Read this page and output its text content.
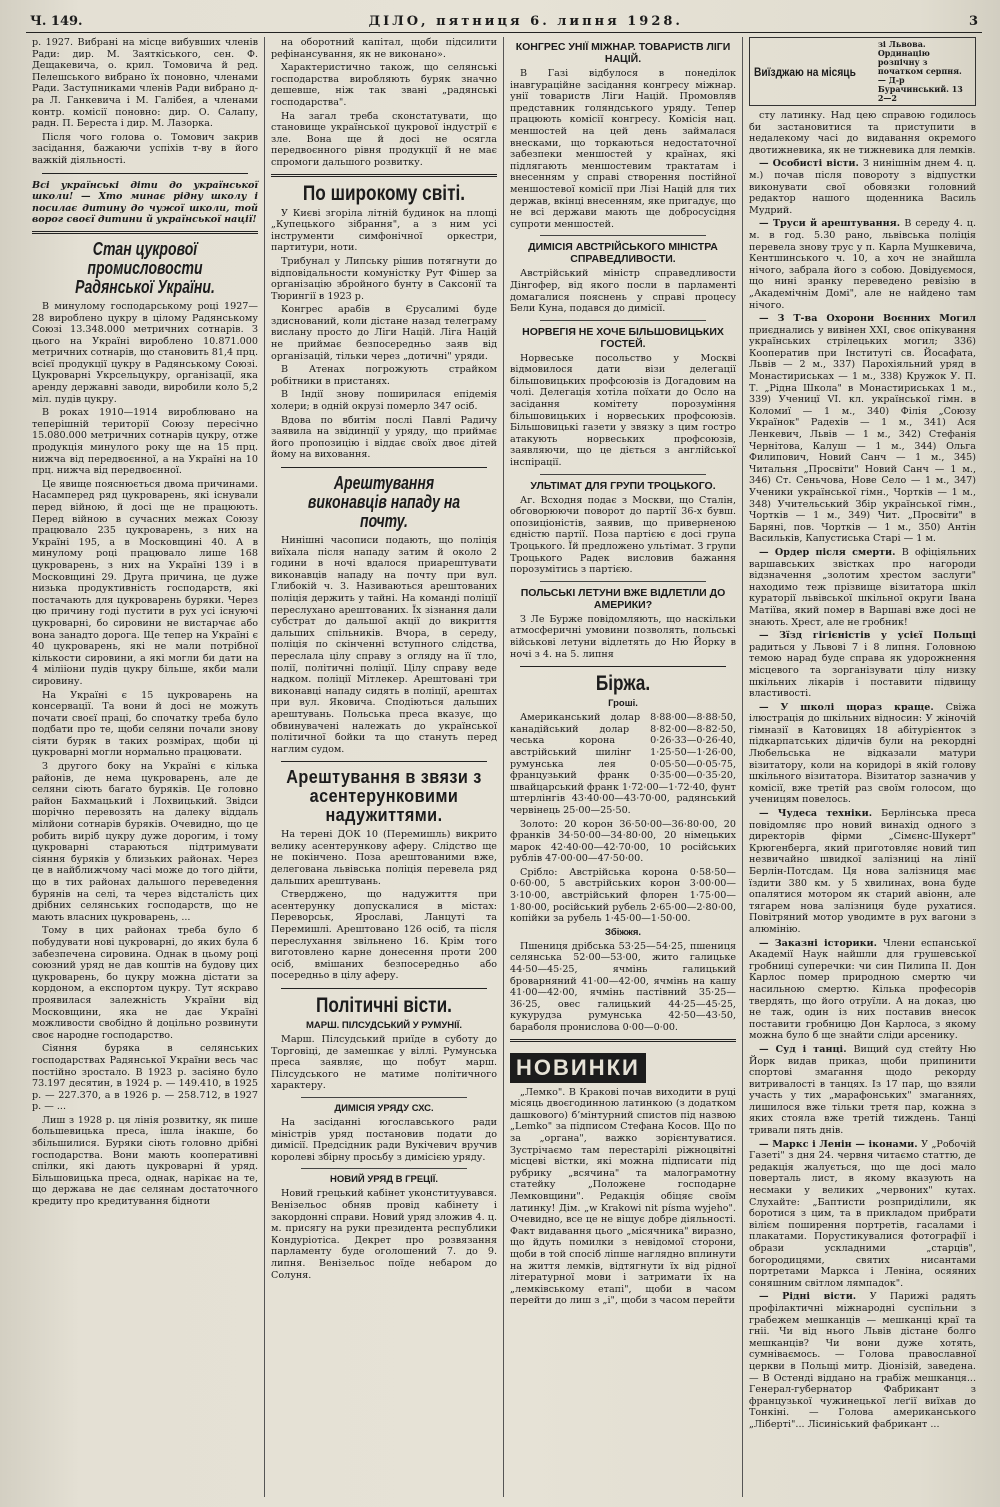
Ч. 149.	ДІЛО, пятниця 6. липня 1928.	3

р. 1927. Вибрані на місце вибувших членів Ради: дир. М. Заяткіського, сен. Ф. Дещакевича, о. крил. Томовича й ред. Пелешського вибрано їх поновно, членами Ради. Заступниками членів Ради вибрано д-ра Л. Ганкевича і М. Галібея, а членами контр. комісії поновно: дир. О. Салапу, радн. П. Береста і дир. М. Лазорка.

Після чого голова о. Томович закрив засідання, бажаючи успіхів т-ву в його важкій діяльності.

Всі українські діти до української школи! — Хто минає рідну школу і посилає дитину до чужої школи, той ворог своєї дитини й української нації!
Стан цукрової промисловости Радянської України.

В минулому господарському році 1927—28 вироблено цукру в цілому Радянському Союзі 13.348.000 метричних сотнарів. З цього на Україні вироблено 10.871.000 метричних сотнарів, що становить 81,4 прц. всієї продукції цукру в Радянському Союзі. Цукроварні Укрсельцукру, організації, яка аренду державні заводи, виробили коло 5,2 міл. пудів цукру.

В роках 1910—1914 вироблювано на теперішній території Союзу пересічно 15.080.000 метричних сотнарів цукру, отже продукція минулого року ще на 15 прц. нижча від передвоєнної, а на Україні на 10 прц. нижча від передвоєнної.

Це явище пояснюється двома причинами. Насамперед ряд цукроварень, які існували перед війною, й досі ще не працюють. Перед війною в сучасних межах Союзу працювало 235 цукроварень, з них на Україні 195, а в Московщині 40. А в минулому році працювало лише 168 цукроварень, з них на Україні 139 і в Московщині 29. Друга причина, це дуже низька продуктивність господарств, які постачають для цукроварень буряки. Через цю причину годі пустити в рух усі існуючі цукроварні, бо сировини не вистарчає або вона занадто дорога. Ще тепер на Україні є 40 цукроварень, які не мали потрібної кількости сировини, а які могли би дати на 4 мілііони пудів цукру більше, якби мали сировину.

На Україні є 15 цукроварень на консервації. Та вони й досі не можуть почати своєї праці, бо спочатку треба було подбати про те, щоби селяни почали знову сіяти буряк в таких розмірах, щоби ці цукроварні могли нормально працювати.

З другого боку на Україні є кілька районів, де нема цукроварень, але де селяни сіють багато буряків. Це головно район Бахмацький і Лохвицький. Звідси шорічно перевозять на далеку віддаль мілйони сотнарів буряків. Очевидно, що це робить виріб цукру дуже дорогим, і тому цукроварні стараються підтримувати сіяння буряків у близьких районах. Через це в найближчому часі може до того дійти, що в тих районах дальшого переведення бурянів на селі, та через відсталість цих дрібних селянських господарств, що не мають власних цукроварень, ...

Тому в цих районах треба було б побудувати нові цукроварні, до яких була б забезпечена сировина. Однак в цьому році союзний уряд не дав коштів на будову цих цукроварень, бо цукру можна дістати за кордоном, а експортом цукру. Тут яскраво проявилася залежність України від Московщини, яка не дає Україні можливости свобідно й доцільно розвинути своє народне господарство.

Сіяння буряка в селянських господарствах Радянської України весь час постійно зростало. В 1923 р. засіяно було 73.197 десятин, в 1924 р. — 149.410, в 1925 р. — 227.370, а в 1926 р. — 258.712, в 1927 р. — ...

Лиш з 1928 р. ця лінія розвитку, як пише большевицька преса, ішла інакше, бо збільшилися. Буряки сіють головно дрібні господарства. Вони мають кооперативні спілки, які дають цукроварні й уряд. Більшовицька преса, однак, нарікає на те, що держава не дає селянам достаточного кредиту про кредитування бідноти

на оборотний капітал, щоби підсилити рефінансування, як не виконано».

Характеристично також, що селянські господарства виробляють буряк значно дешевше, ніж так звані „радянські господарства".

На загал треба сконстатувати, що становище української цукрової індустрії є зле. Вона ще й досі не осягла передвоєнного рівня продукції й не має спромоги дальшого розвитку.

По широкому світі.

У Києві згоріла літній будинок на площі „Купецького зібрання", а з ним усі інструменти симфонічної оркестри, партитури, ноти.

Трибунал у Липську рішив потягнути до відповідальности комуністку Рут Фішер за організацію збройного бунту в Саксонії та Тюрингії в 1923 р.

Конгрес арабів в Єрусалимі буде здиснований, коли дістане назад телеграму вислану просто до Ліги Націй. Ліга Націй не приймає безпосередньо заяв від організацій, тільки через „дотичні" уряди.

В Атенах погрожують страйком робітники в пристанях.

В Індії знову поширилася епідемія холери; в одній окрузі померло 347 осіб.

Вдова по вбитім послі Павлі Радичу заявила на звідинції у уряду, що приймає його пропозицію і віддає своїх двоє дітей йому на виховання.

Арештування виконавців нападу на почту.

Нинішні часописи подають, що поліція виїхала після нападу затим й около 2 години в ночі вдалося приарештувати виконавців нападу на почту при вул. Глибокій ч. 3. Називаються арештованих поліція держить у тайні. На команді поліції переслухано арештованих. Їх зізнання дали субстрат до дальшої акції до викриття дальших спільників. Вчора, в середу, поліція по скінченні вступного слідства, переслала цілу справу з огляду на її тло, полії, політичні поліції. Цілу справу веде надком. поліції Мітлекер. Арештовані три виконавці нападу сидять в поліції, арештах при вул. Яковича. Сподіються дальших арештувань. Польська преса вказує, що обвинувачені належать до української політичної бойки та що стануть перед наглим судом.

Арештування в звязи з асентерунковими надужиттями.

На терені ДОК 10 (Перемишль) викрито велику асентерункову аферу. Слідство ще не покінчено. Поза арештованими вже, делегована львівська поліція перевела ряд дальших арештувань.

Стверджено, що надужиття при асентерунку допускалися в містах: Переворськ, Ярославі, Ланцуті та Перемишлі. Арештовано 126 осіб, та після переслухання звільнено 16. Крім того виготовлено карне донесення проти 200 осіб, вмішаних безпосередньо або посередньо в цілу аферу.

Політичні вісти.
МАРШ. ПІЛСУДСЬКИЙ У РУМУНІЇ.

Марш. Пілсудський приїде в суботу до Торговіці, де замешкає у віллі. Румунська преса заявляє, що побут марш. Пілсудського не матиме політичного характеру.

ДИМІСІЯ УРЯДУ СХС.

На засіданні югославського ради міністрів уряд постановив подати до димісії. Предсідник ради Вукічевич вручив королеві збірну просьбу з димісією уряду.

НОВИЙ УРЯД В ГРЕЦІЇ.

Новий грецький кабінет уконституувався. Венізельос обняв провід кабінету і закордонні справи. Новий уряд зложив 4. ц. м. присягу на руки президента республики Кондуріотіса. Декрет про розвязання парламенту буде оголошений 7. до 9. липня. Венізельос поїде небаром до Солуня.

КОНГРЕС УНІЇ МІЖНАР. ТОВАРИСТВ ЛІГИ НАЦІЙ.

В Газі відбулося в понеділок інавгураційне засідання конгресу міжнар. унії товариств Ліги Націй. Промовляв представник голяндського уряду. Тепер працюють комісії конгресу. Комісія нац. меншостей на цей день займалася внесками, що торкаються недостаточної забезпеки меншостей у країнах, які підлягають меншостевим трактатам і внесенням у справі створення постійної меншостевої комісії при Лізі Націй для тих держав, вкінці внесенням, яке пригадує, що не всі держави мають ще добросусідня супроти меншостей.

ДИМІСІЯ АВСТРІЙСЬКОГО МІНІСТРА СПРАВЕДЛИВОСТИ.

Австрійський міністр справедливости Дінгофер, від якого посли в парламенті домагалися пояснень у справі процесу Бели Куна, подався до димісії.

НОРВЕГІЯ НЕ ХОЧЕ БІЛЬШОВИЦЬКИХ ГОСТЕЙ.

Норвеське посольство у Москві відмовилося дати візи делегації більшовицьких профсоюзів із Догадовим на чолі. Делегація хотіла поїхати до Осло на засідання комітету порозуміння більшовицьких і норвеських профсоюзів. Більшовицькі газети у звязку з цим гостро атакують норвеських профсоюзів, заявляючи, що це діється з англійської інспірації.

УЛЬТІМАТ ДЛЯ ГРУПИ ТРОЦЬКОГО.

Аг. Всходня подає з Москви, що Сталін, обговорюючи поворот до партії 36-х бувш. опозиціоністів, заявив, що приверненою єдністю партії. Поза партією є досі група Троцького. Їй предложено ультімат. З групи Троцького Радек висловив бажання порозумітись з партією.

ПОЛЬСЬКІ ЛЕТУНИ ВЖЕ ВІДЛЕТІЛИ ДО АМЕРИКИ?

З Ле Бурже повідомляють, що наскільки атмосферичні умовини позволять, польські військові летуни відлетять до Ню Йорку в ночі з 4. на 5. липня

Біржа.
Гроші.

Американський долар 8·88·00—8·88·50, канадійський долар 8·82·00—8·82·50, чеська корона 0·26·33—0·26·40, австрійський шилінг 1·25·50—1·26·00, румунська лея 0·05·50—0·05·75, французький франк 0·35·00—0·35·20, швайцарський франк 1·72·00—1·72·40, фунт штерлінгів 43·40·00—43·70·00, радянський червінець 25·00—25·50.

Золото: 20 корон 36·50·00—36·80·00, 20 франків 34·50·00—34·80·00, 20 німецьких марок 42·40·00—42·70·00, 10 російських рублів 47·00·00—47·50·00.

Срібло: Австрійська корона 0·58·50—0·60·00, 5 австрійських корон 3·00·00—3·10·00, австрійський флорен 1·75·00—1·80·00, російський рубель 2·65·00—2·80·00, копійки за рубель 1·45·00—1·50·00.

Збіжжя.

Пшениця дрібська 53·25—54·25, пшениця селянська 52·00—53·00, жито галицьке 44·50—45·25, ячмінь галицький броварняний 41·00—42·00, ячмінь на кашу 41·00—42·00, ячмінь пастівний 35·25—36·25, овес галицький 44·25—45·25, кукурудза румунська 42·50—43·50, бараболя пронислова 0·00—0·00.

НОВИНКИ

„Лемко". В Кракові почав виходити в руці місяць двоєгодинною латинкою (з додатком дашкового) б’мінтурний спистов під назвою „Lemko" за підписом Стефана Косов. Що по за „органа", важко зорієнтуватися. Зустрічаємо там перестарілі ріжноцвітні місцеві вістки, які можна підписати під рубрику „всячина" та малограмотну статейку „Положене господарне Лемковщини". Редакція обіцяє своїм латинку! Дім. „w Krakowi nit písma wyjeho". Очевидно, все це не віщує добре діяльності. Факт видавання цього „місячника" виразно, що йдуть помилки з невідомої сторони, щоби в той спосіб ліпше наглядно вплинути на життя лемків, відтягнути їх від рідної літературної мови і затримати їх на „лемківському етапі", щоби в часом перейти до лиш з „і", щоби з часом перейти

Виїзджаю на місяць
зі Львова. Ординацію розпічну з початком серпня. — Д-р Бурачинський. 13 2—2

сту латинку. Над цею справою годилось би застановитися та приступити в недалекому часі до видавання окремого двотижневика, як не тижневика для лемків.

— Особисті вісти. З нинішнім днем 4. ц. м.) почав після повороту з відпустки виконувати свої обовязки головний редактор нашого щоденника Василь Мудрий.

— Труси й арештування. В середу 4. ц. м. в год. 5.30 рано, львівська поліція перевела знову трус у п. Карла Мушкевича, Кентшинського ч. 10, а хоч не знайшла нічого, забрала його з собою. Довідуємося, що нині зранку переведено ревізію в „Академічнім Домі", але не найдено там нічого.

— З Т-ва Охорони Воєнних Могил приєднались у вивінен XXI, своє опікування українських стрілецьких могил; 336) Кооператив при Інституті св. Йосафата, Львів — 2 м., 337) Парохіяльний уряд в Монастириськах — 1 м., 338) Кружок У. П. Т. „Рідна Школа" в Монастириськах 1 м., 339) Ученицї VI. кл. української гімн. в Коломиї — 1 м., 340) Філія „Союзу Українок" Радехів — 1 м., 341) Ася Ленкевич, Львів — 1 м., 342) Стефанія Чернітова, Калуш — 1 м., 344) Ольга Филипович, Новий Санч — 1 м., 345) Читальня „Просвіти" Новий Санч — 1 м., 346) Ст. Сеньчова, Нове Село — 1 м., 347) Ученики української гімн., Чортків — 1 м., 348) Учительський Збір української гімн., Чортків — 1 м., 349) Чит. „Просвіти" в Баряні, пов. Чортків — 1 м., 350) Антін Васильків, Капустиська Старі — 1 м.

— Ордер після смерти. В офіціяльних варшавських звістках про нагороди відзначення „золотим хрестом заслуги" находимо теж прізвище візитатора шкіл кураторії львівської шкільної округи Івана Матіїва, який помер в Варшаві вже досі не знають. Хрест, але не гробник!

— Зїзд гігієністів у усієї Польщі радиться у Львові 7 і 8 липня. Головною темою нарад буде справа як удорожнення місцевого та зорганізувати цілу низку шкільних лікарів і поставити підвищу властивості.

— У школі щораз краще. Свіжа ілюстрація до шкільних відносин: У жіночій гімназії в Катовицях 18 абітурієнток з підкарпатських дідичів були на рекордні Любельська не відказали матури візитатору, коли на коридорі в якій голову шкільного візитатора. Візитатор зазначив у комісії, вже третій раз своїм голосом, що ученицям повелось.

— Чудеса техніки. Берлінська преса повідомляє про новий винахід одного з директорів фірми „Сімєнс-Шукерт" Крюгенберга, який приготовляє новий тип незвичайно швидкої залізниці на лінії Берлін-Потсдам. Ця нова залізниця має їздити 380 км. у 5 хвилинах, вона буде опалятися мотором як старий авіонн, але тягарем нова залізниця буде рухатися. Повітряний мотор уводимте в рух вагони з алюмінію.

— Заказні історики. Члени еспанської Академії Наук найшли для грушевської гробниці суперечки: чи син Пилипа II. Дон Карлос помер природною смертю чи насильною смертю. Кілька професорів твердять, що його отруїли. А на доказ, цю не таж, один із них поставив внесок поставити гробницю Дон Карлоса, з якому можна було б ще знайти сліди арсенику.

— Суд і танці. Вищий суд стейту Ню Йорк видав приказ, щоби припинити спортові змагання щодо рекорду витривалості в танцях. Із 17 пар, що взяли участь у тих „марафонських" змаганнях, лишилося вже тільки третя пар, кожна з яких стояла вже третій тиждень. Танці тривали пять днів.

— Маркс і Ленін — іконами. У „Робочій Газеті" з дня 24. червня читаємо статтю, де редакція жалується, що ще досі мало поверталь лист, в якому вказують на несмаки у великих „червоних" кутах. Слухайте: „Баптисти розприділили, як боротися з цим, та в прикладом прибрати вілієм поширення портретів, гасалами і плакатами. Порустикувалися фотографії і образи ускладними „старців", богородицями, святих нисантами портретами Маркса і Леніна, осяяних соняшним світлом лямпадок".

— Рідні вісти. У Парижі радять профілактичні міжнародні суспільни з грабежем мешканців — мешканці краї та гніі. Чи від нього Львів дістане болго мешканців? Чи вони дуже хотять, сумніваємось. — Голова православної церкви в Польщі митр. Діонізій, заведена. — В Остенді віддано на грабіж мешканця... Генерал-губернатор Фабрикант з французької чужинецької леґії виїхав до Тонкіні. — Голова американського „Ліберті"... Лісиніський фабрикант ...
